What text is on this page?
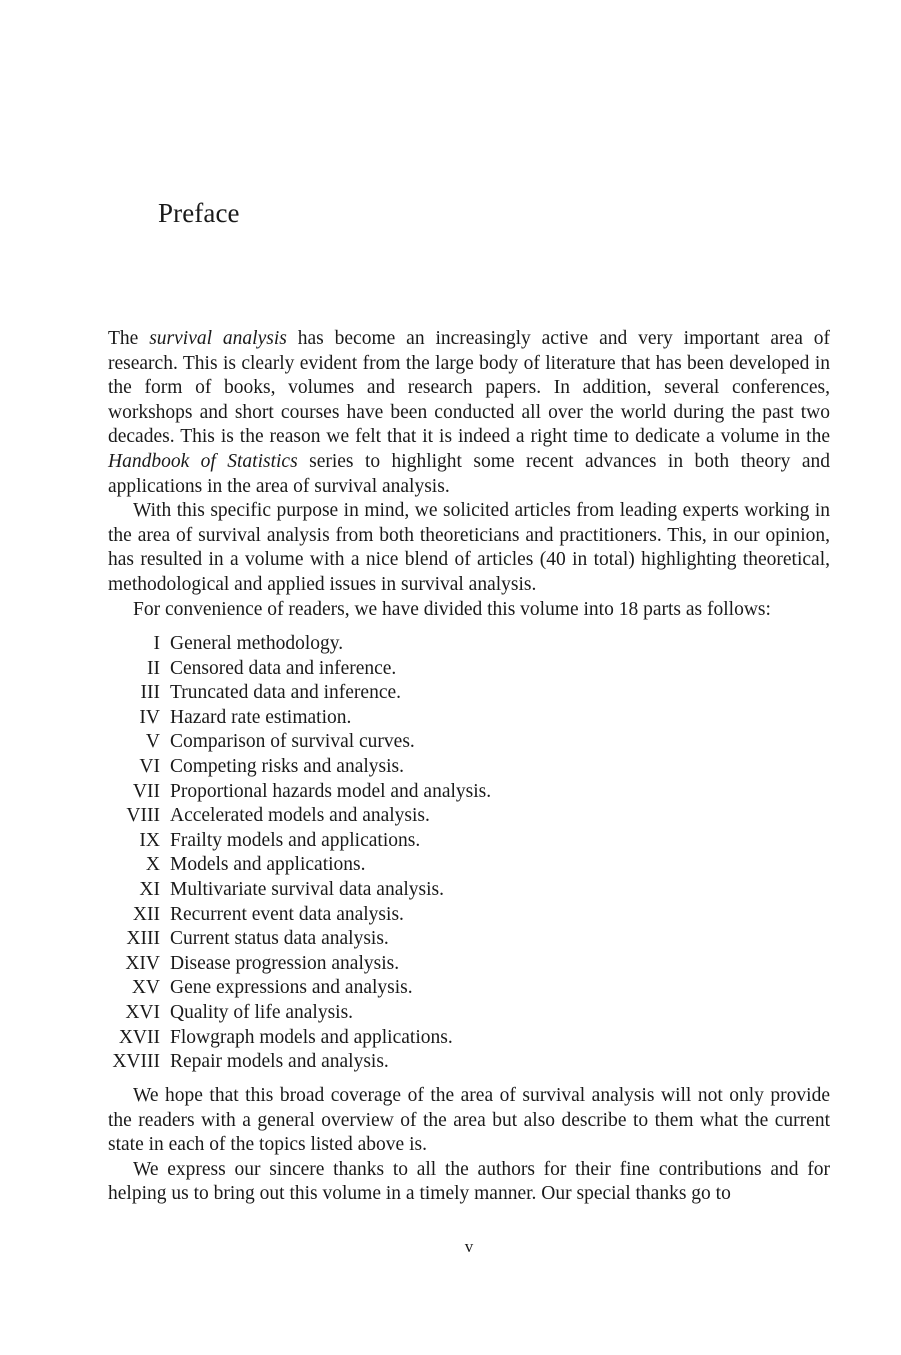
Preface

The survival analysis has become an increasingly active and very important area of research. This is clearly evident from the large body of literature that has been developed in the form of books, volumes and research papers. In addition, several conferences, workshops and short courses have been conducted all over the world during the past two decades. This is the reason we felt that it is indeed a right time to dedicate a volume in the Handbook of Statistics series to highlight some recent advances in both theory and applications in the area of survival analysis.

With this specific purpose in mind, we solicited articles from leading experts working in the area of survival analysis from both theoreticians and practitioners. This, in our opinion, has resulted in a volume with a nice blend of articles (40 in total) highlighting theoretical, methodological and applied issues in survival analysis.

For convenience of readers, we have divided this volume into 18 parts as follows:

I General methodology.
II Censored data and inference.
III Truncated data and inference.
IV Hazard rate estimation.
V Comparison of survival curves.
VI Competing risks and analysis.
VII Proportional hazards model and analysis.
VIII Accelerated models and analysis.
IX Frailty models and applications.
X Models and applications.
XI Multivariate survival data analysis.
XII Recurrent event data analysis.
XIII Current status data analysis.
XIV Disease progression analysis.
XV Gene expressions and analysis.
XVI Quality of life analysis.
XVII Flowgraph models and applications.
XVIII Repair models and analysis.

We hope that this broad coverage of the area of survival analysis will not only provide the readers with a general overview of the area but also describe to them what the current state in each of the topics listed above is.

We express our sincere thanks to all the authors for their fine contributions and for helping us to bring out this volume in a timely manner. Our special thanks go to

v
